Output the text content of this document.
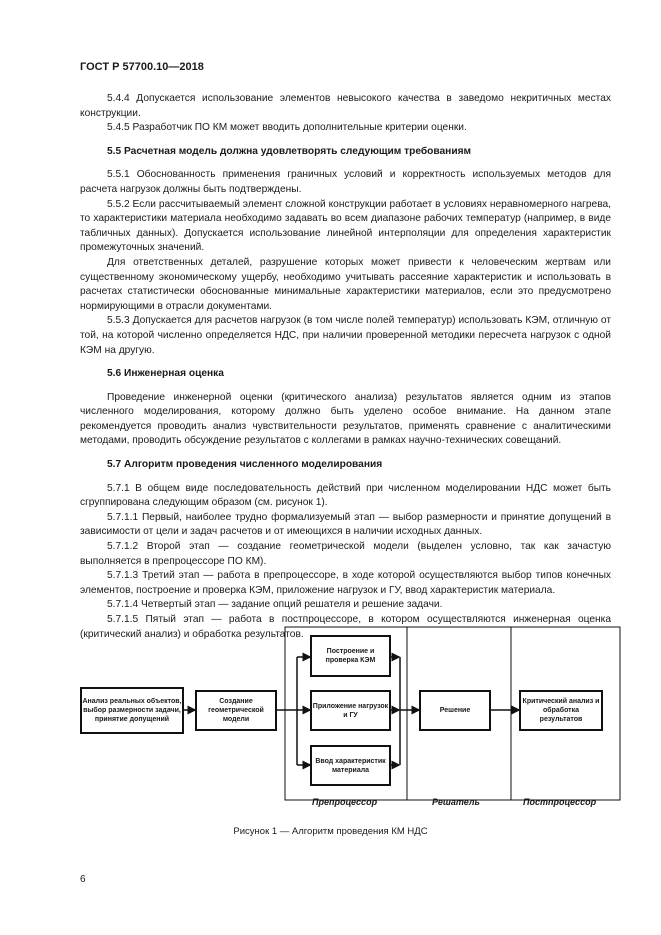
ГОСТ Р 57700.10—2018

5.4.4 Допускается использование элементов невысокого качества в заведомо некритичных местах конструкции.

5.4.5 Разработчик ПО КМ может вводить дополнительные критерии оценки.

5.5 Расчетная модель должна удовлетворять следующим требованиям

5.5.1 Обоснованность применения граничных условий и корректность используемых методов для расчета нагрузок должны быть подтверждены.

5.5.2 Если рассчитываемый элемент сложной конструкции работает в условиях неравномерного нагрева, то характеристики материала необходимо задавать во всем диапазоне рабочих температур (например, в виде табличных данных). Допускается использование линейной интерполяции для определения характеристик промежуточных значений.

Для ответственных деталей, разрушение которых может привести к человеческим жертвам или существенному экономическому ущербу, необходимо учитывать рассеяние характеристик и использовать в расчетах статистически обоснованные минимальные характеристики материалов, если это предусмотрено нормирующими в отрасли документами.

5.5.3 Допускается для расчетов нагрузок (в том числе полей температур) использовать КЭМ, отличную от той, на которой численно определяется НДС, при наличии проверенной методики пересчета нагрузок с одной КЭМ на другую.

5.6 Инженерная оценка

Проведение инженерной оценки (критического анализа) результатов является одним из этапов численного моделирования, которому должно быть уделено особое внимание. На данном этапе рекомендуется проводить анализ чувствительности результатов, применять сравнение с аналитическими методами, проводить обсуждение результатов с коллегами в рамках научно-технических совещаний.

5.7 Алгоритм проведения численного моделирования

5.7.1 В общем виде последовательность действий при численном моделировании НДС может быть сгруппирована следующим образом (см. рисунок 1).

5.7.1.1 Первый, наиболее трудно формализуемый этап — выбор размерности и принятие допущений в зависимости от цели и задач расчетов и от имеющихся в наличии исходных данных.

5.7.1.2 Второй этап — создание геометрической модели (выделен условно, так как зачастую выполняется в препроцессоре ПО КМ).

5.7.1.3 Третий этап — работа в препроцессоре, в ходе которой осуществляются выбор типов конечных элементов, построение и проверка КЭМ, приложение нагрузок и ГУ, ввод характеристик материала.

5.7.1.4 Четвертый этап — задание опций решателя и решение задачи.

5.7.1.5 Пятый этап — работа в постпроцессоре, в котором осуществляются инженерная оценка (критический анализ) и обработка результатов.

Анализ реальных объектов, выбор размерности задачи, принятие допущений
Создание геометрической модели
Построение и проверка КЭМ
Приложение нагрузок и ГУ
Ввод характеристик материала
Решение
Критический анализ и обработка результатов
Препроцессор	Решатель	Постпроцессор
Рисунок 1 — Алгоритм проведения КМ НДС
6
